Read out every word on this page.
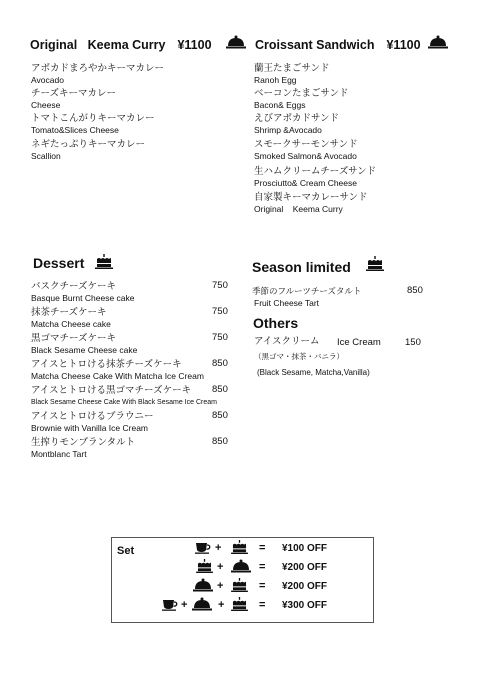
Original   Keema Curry ¥1100	Croissant Sandwich ¥1100
アボカドまろやかキーマカレー
Avocado
チーズキーマカレー
Cheese
トマトこんがりキーマカレー
Tomato&Slices Cheese
ネギたっぷりキーマカレー
Scallion
蘭王たまごサンド
Ranoh Egg
ベーコンたまごサンド
Bacon& Eggs
えびアボカドサンド
Shrimp &Avocado
スモークサーモンサンド
Smoked Salmon& Avocado
生ハムクリームチーズサンド
Prosciutto& Cream Cheese
自家製キーマカレーサンド
Original    Keema Curry
Dessert
バスクチーズケーキ
Basque Burnt Cheese cake
750
抹茶チーズケーキ
Matcha Cheese cake
750
黒ゴマチーズケーキ
Black Sesame Cheese cake
750
アイスとトロける抹茶チーズケーキ
Matcha Cheese Cake With Matcha Ice Cream
850
アイスとトロける黒ゴマチーズケーキ
Black Sesame Cheese Cake With Black Sesame Ice Cream
850
アイスとトロけるブラウニー
Brownie with Vanilla Ice Cream
850
生搾りモンブランタルト
Montblanc Tart
850
Season limited
季節のフルーツチーズタルト
Fruit Cheese Tart
850
Others
アイスクリーム Ice Cream	150
（黒ゴマ・抹茶・バニラ）
(Black Sesame, Matcha,Vanilla)
Set	+	= ¥100 OFF
+	= ¥200 OFF
+	= ¥200 OFF
+	+	= ¥300 OFF
